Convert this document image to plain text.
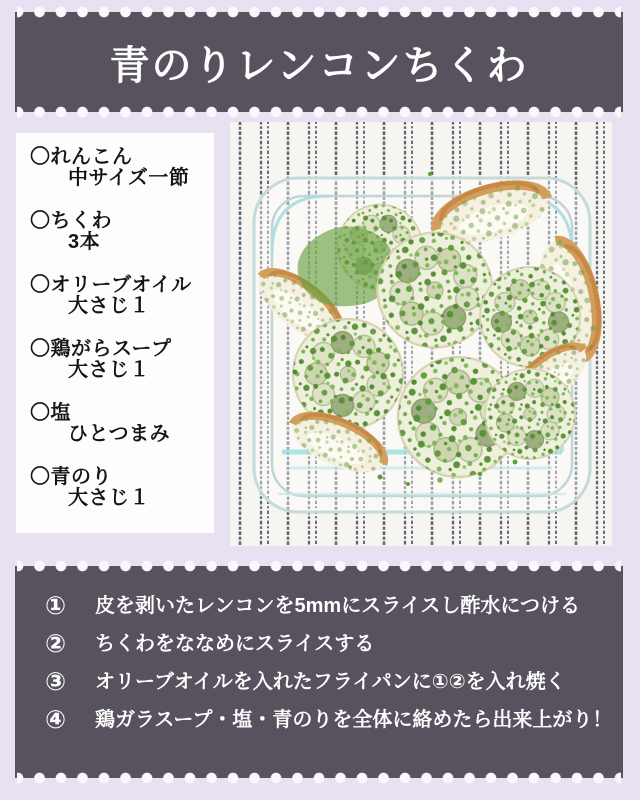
青のりレンコンちくわ
〇れんこん
中サイズ一節
〇ちくわ
3本
〇オリーブオイル
大さじ１
〇鶏がらスープ
大さじ１
〇塩
ひとつまみ
〇青のり
大さじ１
①	皮を剥いたレンコンを5mmにスライスし酢水につける
②	ちくわをななめにスライスする
③	オリーブオイルを入れたフライパンに①②を入れ焼く
④	鶏ガラスープ・塩・青のりを全体に絡めたら出来上がり！
